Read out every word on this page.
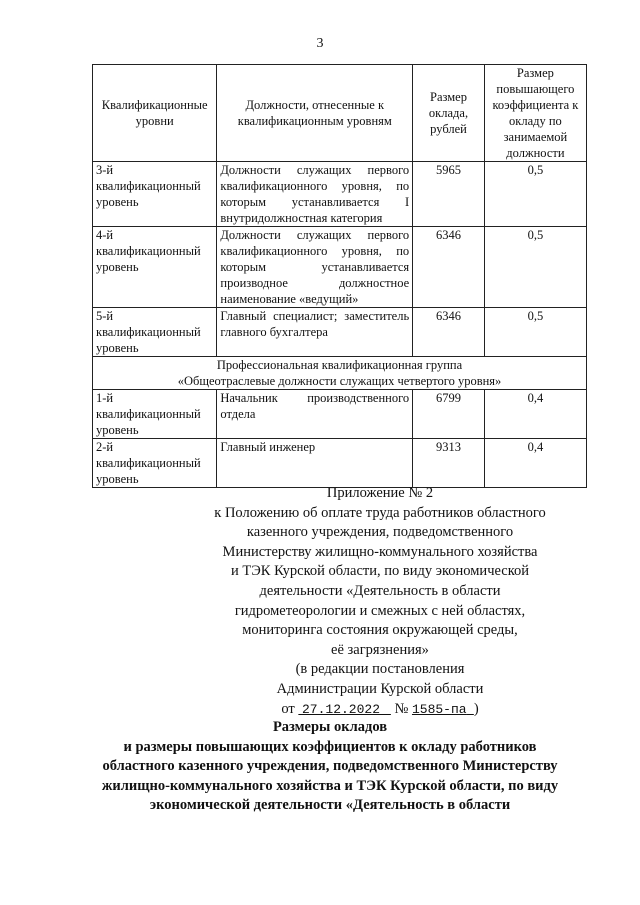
3
Квалификационные уровни	Должности, отнесенные к квалификационным уровням	Размер оклада, рублей	Размер повышающего коэффициента к окладу по занимаемой должности
3-й квалификационный уровень	Должности служащих первого квалификационного уровня, по которым устанавливается I внутридолжностная категория	5965	0,5
4-й квалификационный уровень	Должности служащих первого квалификационного уровня, по которым устанавливается производное должностное наименование «ведущий»	6346	0,5
5-й квалификационный уровень	Главный специалист; заместитель главного бухгалтера	6346	0,5

Профессиональная квалификационная группа
«Общеотраслевые должности служащих четвертого уровня»			

1-й квалификационный уровень	Начальник производственного отдела	6799	0,4
2-й квалификационный уровень	Главный инженер	9313	0,4
Приложение № 2
к Положению об оплате труда работников областного
казенного учреждения, подведомственного
Министерству жилищно-коммунального хозяйства
и ТЭК Курской области, по виду экономической
деятельности «Деятельность в области
гидрометеорологии и смежных с ней областях,
мониторинга состояния окружающей среды,
её загрязнения»
(в редакции постановления
Администрации Курской области
от 27.12.2022 № 1585-па )
Размеры окладов
и размеры повышающих коэффициентов к окладу работников
областного казенного учреждения, подведомственного Министерству
жилищно-коммунального хозяйства и ТЭК Курской области, по виду
экономической деятельности «Деятельность в области
